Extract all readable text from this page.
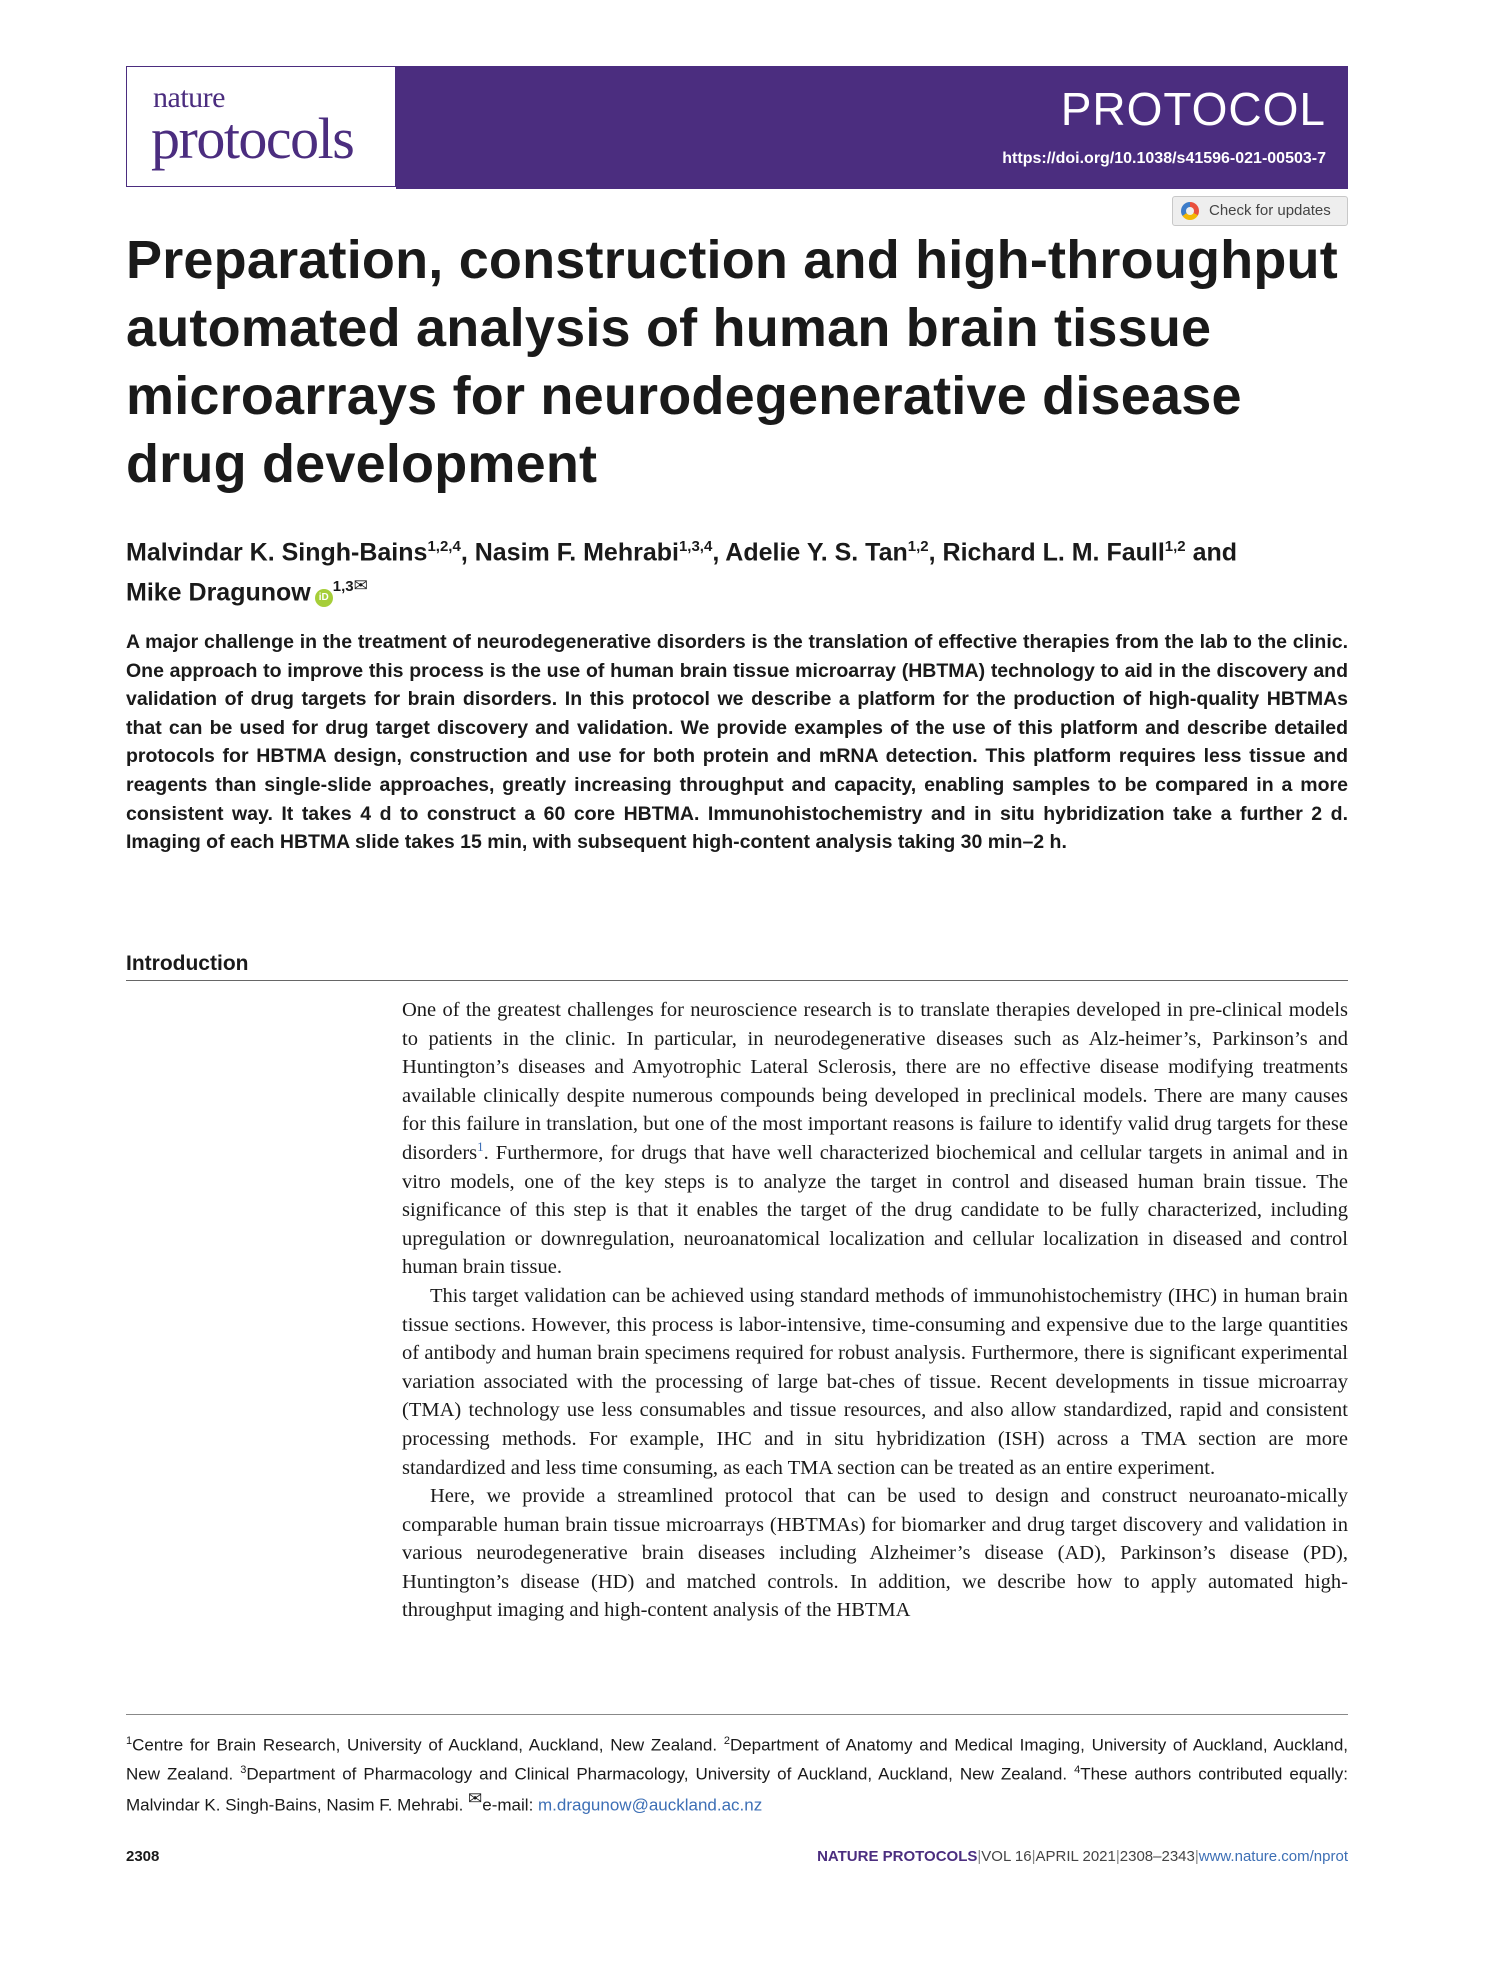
nature
protocols	PROTOCOL
https://doi.org/10.1038/s41596-021-00503-7
Check for updates
Preparation, construction and high-throughput automated analysis of human brain tissue microarrays for neurodegenerative disease drug development
Malvindar K. Singh-Bains$^{1,2,4}$, Nasim F. Mehrabi$^{1,3,4}$, Adelie Y. S. Tan$^{1,2}$, Richard L. M. Faull$^{1,2}$ and
Mike Dragunow $iD^{1,3✉}$

A major challenge in the treatment of neurodegenerative disorders is the translation of effective therapies from the lab to the clinic. One approach to improve this process is the use of human brain tissue microarray (HBTMA) technology to aid in the discovery and validation of drug targets for brain disorders. In this protocol we describe a platform for the production of high-quality HBTMAs that can be used for drug target discovery and validation. We provide examples of the use of this platform and describe detailed protocols for HBTMA design, construction and use for both protein and mRNA detection. This platform requires less tissue and reagents than single-slide approaches, greatly increasing throughput and capacity, enabling samples to be compared in a more consistent way. It takes 4 d to construct a 60 core HBTMA. Immunohistochemistry and in situ hybridization take a further 2 d. Imaging of each HBTMA slide takes 15 min, with subsequent high-content analysis taking 30 min–2 h.

Introduction

One of the greatest challenges for neuroscience research is to translate therapies developed in pre-clinical models to patients in the clinic. In particular, in neurodegenerative diseases such as Alz-heimer’s, Parkinson’s and Huntington’s diseases and Amyotrophic Lateral Sclerosis, there are no effective disease modifying treatments available clinically despite numerous compounds being developed in preclinical models. There are many causes for this failure in translation, but one of the most important reasons is failure to identify valid drug targets for these disorders$^1$. Furthermore, for drugs that have well characterized biochemical and cellular targets in animal and in vitro models, one of the key steps is to analyze the target in control and diseased human brain tissue. The significance of this step is that it enables the target of the drug candidate to be fully characterized, including upregulation or downregulation, neuroanatomical localization and cellular localization in diseased and control human brain tissue.

This target validation can be achieved using standard methods of immunohistochemistry (IHC) in human brain tissue sections. However, this process is labor-intensive, time-consuming and expensive due to the large quantities of antibody and human brain specimens required for robust analysis. Furthermore, there is significant experimental variation associated with the processing of large bat-ches of tissue. Recent developments in tissue microarray (TMA) technology use less consumables and tissue resources, and also allow standardized, rapid and consistent processing methods. For example, IHC and in situ hybridization (ISH) across a TMA section are more standardized and less time consuming, as each TMA section can be treated as an entire experiment.

Here, we provide a streamlined protocol that can be used to design and construct neuroanato-mically comparable human brain tissue microarrays (HBTMAs) for biomarker and drug target discovery and validation in various neurodegenerative brain diseases including Alzheimer’s disease (AD), Parkinson’s disease (PD), Huntington’s disease (HD) and matched controls. In addition, we describe how to apply automated high-throughput imaging and high-content analysis of the HBTMA

$^1$Centre for Brain Research, University of Auckland, Auckland, New Zealand. $^2$Department of Anatomy and Medical Imaging, University of Auckland, Auckland, New Zealand. $^3$Department of Pharmacology and Clinical Pharmacology, University of Auckland, Auckland, New Zealand. $^4$These authors contributed equally: Malvindar K. Singh-Bains, Nasim F. Mehrabi. ✉e-mail: m.dragunow@auckland.ac.nz
2308	NATURE PROTOCOLS|VOL 16|APRIL 2021|2308–2343|www.nature.com/nprot
